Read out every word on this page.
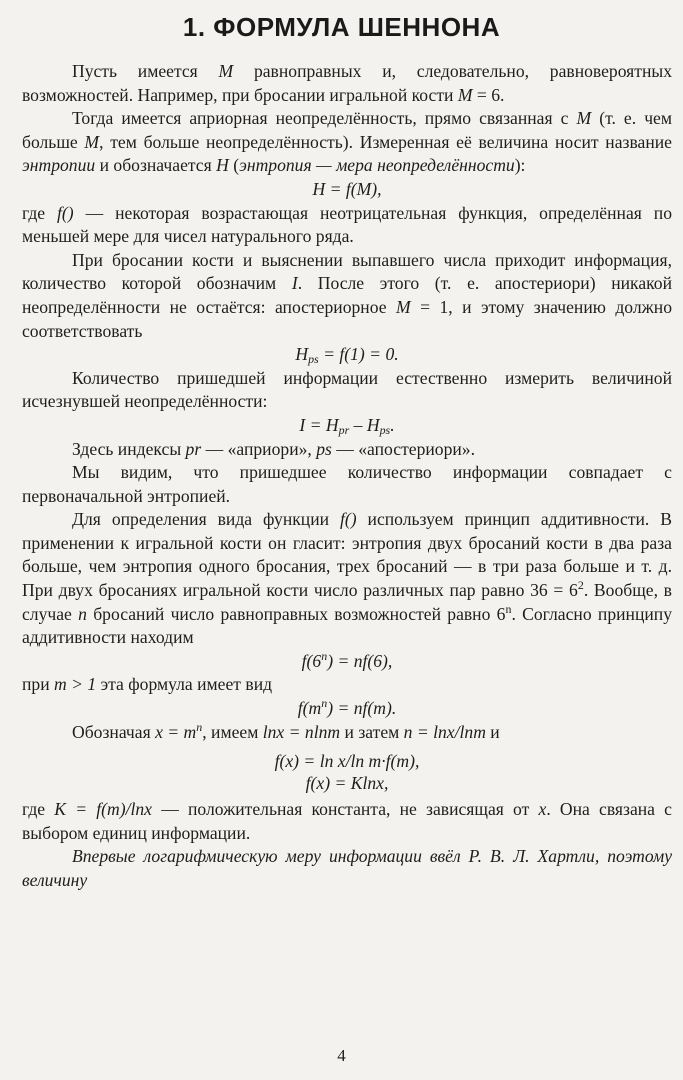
1. ФОРМУЛА ШЕННОНА

Пусть имеется M равноправных и, следовательно, равновероятных возможностей. Например, при бросании игральной кости M = 6.

Тогда имеется априорная неопределённость, прямо связанная с M (т. е. чем больше M, тем больше неопределённость). Измеренная её величина носит название энтропии и обозначается H (энтропия — мера неопределённости):

H = f(M),

где f() — некоторая возрастающая неотрицательная функция, определённая по меньшей мере для чисел натурального ряда.

При бросании кости и выяснении выпавшего числа приходит информация, количество которой обозначим I. После этого (т. е. апостериори) никакой неопределённости не остаётся: апостериорное M = 1, и этому значению должно соответствовать

$H_{ps} = f(1) = 0$.

Количество пришедшей информации естественно измерить величиной исчезнувшей неопределённости:

$I = H_{pr} - H_{ps}$.

Здесь индексы pr — «априори», ps — «апостериори».

Мы видим, что пришедшее количество информации совпадает с первоначальной энтропией.

Для определения вида функции f() используем принцип аддитивности. В применении к игральной кости он гласит: энтропия двух бросаний кости в два раза больше, чем энтропия одного бросания, трех бросаний — в три раза больше и т. д. При двух бросаниях игральной кости число различных пар равно $36 = 6^2$. Вообще, в случае n бросаний число равноправных возможностей равно 6$^n$. Согласно принципу аддитивности находим

$f(6^n) = nf(6)$,

при m > 1 эта формула имеет вид

$f(m^n) = nf(m)$.

Обозначая $x = m^n$, имеем lnx = nlnm и затем n = lnx/lnm и

f(x) = ln x/ln m·f(m),

f(x) = Klnx,

где K = f(m)/lnx — положительная константа, не зависящая от x. Она связана с выбором единиц информации.

Впервые логарифмическую меру информации ввёл Р. В. Л. Хартли, поэтому величину

4
